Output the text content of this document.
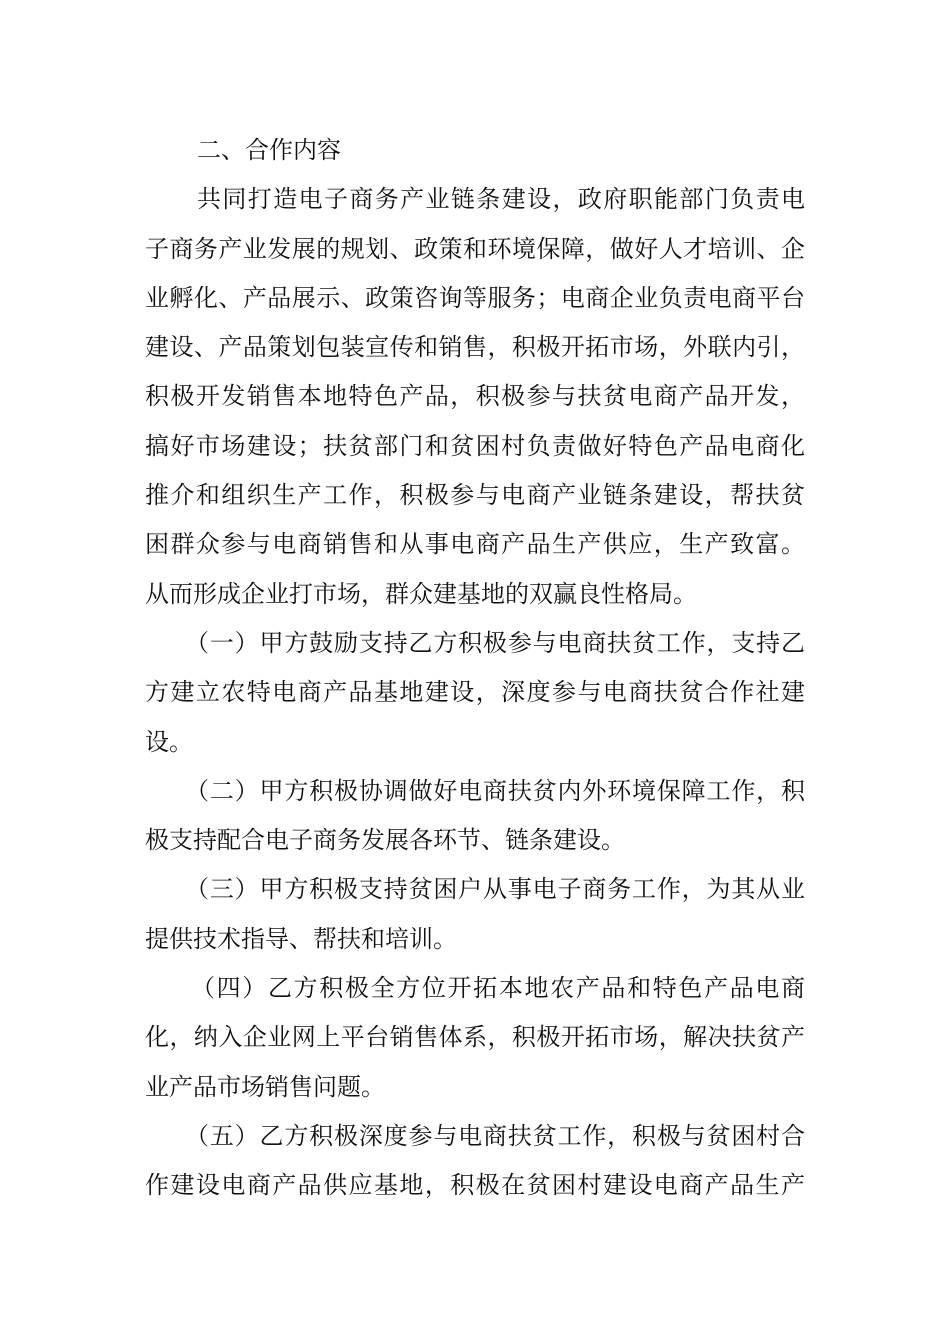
二、合作内容
共同打造电子商务产业链条建设，政府职能部门负责电
子商务产业发展的规划、政策和环境保障，做好人才培训、企
业孵化、产品展示、政策咨询等服务；电商企业负责电商平台
建设、产品策划包装宣传和销售，积极开拓市场，外联内引，
积极开发销售本地特色产品，积极参与扶贫电商产品开发，
搞好市场建设；扶贫部门和贫困村负责做好特色产品电商化
推介和组织生产工作，积极参与电商产业链条建设，帮扶贫
困群众参与电商销售和从事电商产品生产供应，生产致富。
从而形成企业打市场，群众建基地的双赢良性格局。
（一）甲方鼓励支持乙方积极参与电商扶贫工作，支持乙
方建立农特电商产品基地建设，深度参与电商扶贫合作社建
设。
（二）甲方积极协调做好电商扶贫内外环境保障工作，积
极支持配合电子商务发展各环节、链条建设。
（三）甲方积极支持贫困户从事电子商务工作，为其从业
提供技术指导、帮扶和培训。
（四）乙方积极全方位开拓本地农产品和特色产品电商
化，纳入企业网上平台销售体系，积极开拓市场，解决扶贫产
业产品市场销售问题。
（五）乙方积极深度参与电商扶贫工作，积极与贫困村合
作建设电商产品供应基地，积极在贫困村建设电商产品生产
